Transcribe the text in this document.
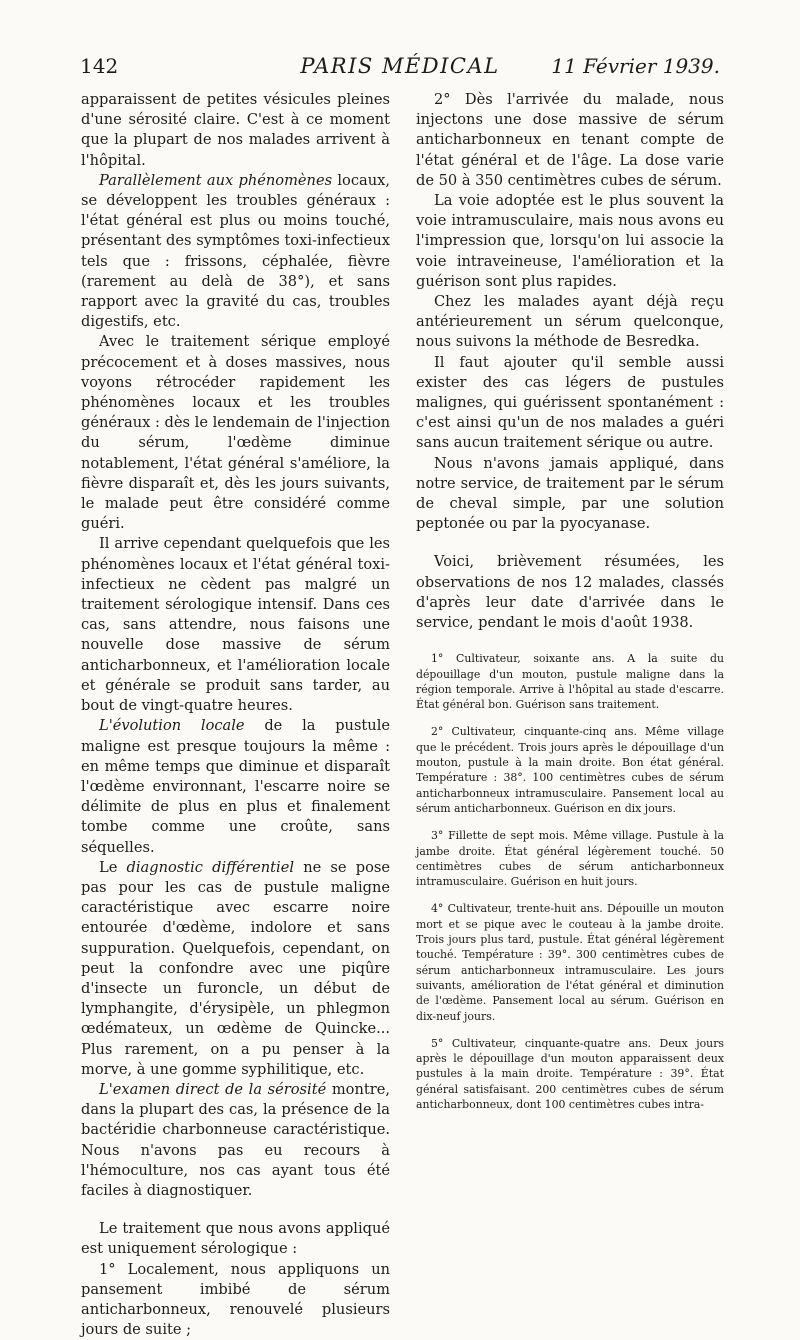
142	PARIS MÉDICAL	11 Février 1939.

apparaissent de petites vésicules pleines d'une sérosité claire. C'est à ce moment que la plupart de nos malades arrivent à l'hôpital.

Parallèlement aux phénomènes locaux, se développent les troubles généraux : l'état général est plus ou moins touché, présentant des symptômes toxi-infectieux tels que : frissons, céphalée, fièvre (rarement au delà de 38°), et sans rapport avec la gravité du cas, troubles digestifs, etc.

Avec le traitement sérique employé précocement et à doses massives, nous voyons rétrocéder rapidement les phénomènes locaux et les troubles généraux : dès le lendemain de l'injection du sérum, l'œdème diminue notablement, l'état général s'améliore, la fièvre disparaît et, dès les jours suivants, le malade peut être considéré comme guéri.

Il arrive cependant quelquefois que les phénomènes locaux et l'état général toxi-infectieux ne cèdent pas malgré un traitement sérologique intensif. Dans ces cas, sans attendre, nous faisons une nouvelle dose massive de sérum anticharbonneux, et l'amélioration locale et générale se produit sans tarder, au bout de vingt-quatre heures.

L'évolution locale de la pustule maligne est presque toujours la même : en même temps que diminue et disparaît l'œdème environnant, l'escarre noire se délimite de plus en plus et finalement tombe comme une croûte, sans séquelles.

Le diagnostic différentiel ne se pose pas pour les cas de pustule maligne caractéristique avec escarre noire entourée d'œdème, indolore et sans suppuration. Quelquefois, cependant, on peut la confondre avec une piqûre d'insecte un furoncle, un début de lymphangite, d'érysipèle, un phlegmon œdémateux, un œdème de Quincke... Plus rarement, on a pu penser à la morve, à une gomme syphilitique, etc.

L'examen direct de la sérosité montre, dans la plupart des cas, la présence de la bactéridie charbonneuse caractéristique. Nous n'avons pas eu recours à l'hémoculture, nos cas ayant tous été faciles à diagnostiquer.

Le traitement que nous avons appliqué est uniquement sérologique :

1° Localement, nous appliquons un pansement imbibé de sérum anticharbonneux, renouvelé plusieurs jours de suite ;

2° Dès l'arrivée du malade, nous injectons une dose massive de sérum anticharbonneux en tenant compte de l'état général et de l'âge. La dose varie de 50 à 350 centimètres cubes de sérum.

La voie adoptée est le plus souvent la voie intramusculaire, mais nous avons eu l'impression que, lorsqu'on lui associe la voie intraveineuse, l'amélioration et la guérison sont plus rapides.

Chez les malades ayant déjà reçu antérieurement un sérum quelconque, nous suivons la méthode de Besredka.

Il faut ajouter qu'il semble aussi exister des cas légers de pustules malignes, qui guérissent spontanément : c'est ainsi qu'un de nos malades a guéri sans aucun traitement sérique ou autre.

Nous n'avons jamais appliqué, dans notre service, de traitement par le sérum de cheval simple, par une solution peptonée ou par la pyocyanase.

Voici, brièvement résumées, les observations de nos 12 malades, classés d'après leur date d'arrivée dans le service, pendant le mois d'août 1938.

1° Cultivateur, soixante ans. A la suite du dépouillage d'un mouton, pustule maligne dans la région temporale. Arrive à l'hôpital au stade d'escarre. État général bon. Guérison sans traitement.

2° Cultivateur, cinquante-cinq ans. Même village que le précédent. Trois jours après le dépouillage d'un mouton, pustule à la main droite. Bon état général. Température : 38°. 100 centimètres cubes de sérum anticharbonneux intramusculaire. Pansement local au sérum anticharbonneux. Guérison en dix jours.

3° Fillette de sept mois. Même village. Pustule à la jambe droite. État général légèrement touché. 50 centimètres cubes de sérum anticharbonneux intramusculaire. Guérison en huit jours.

4° Cultivateur, trente-huit ans. Dépouille un mouton mort et se pique avec le couteau à la jambe droite. Trois jours plus tard, pustule. État général légèrement touché. Température : 39°. 300 centimètres cubes de sérum anticharbonneux intramusculaire. Les jours suivants, amélioration de l'état général et diminution de l'œdème. Pansement local au sérum. Guérison en dix-neuf jours.

5° Cultivateur, cinquante-quatre ans. Deux jours après le dépouillage d'un mouton apparaissent deux pustules à la main droite. Température : 39°. État général satisfaisant. 200 centimètres cubes de sérum anticharbonneux, dont 100 centimètres cubes intra-
